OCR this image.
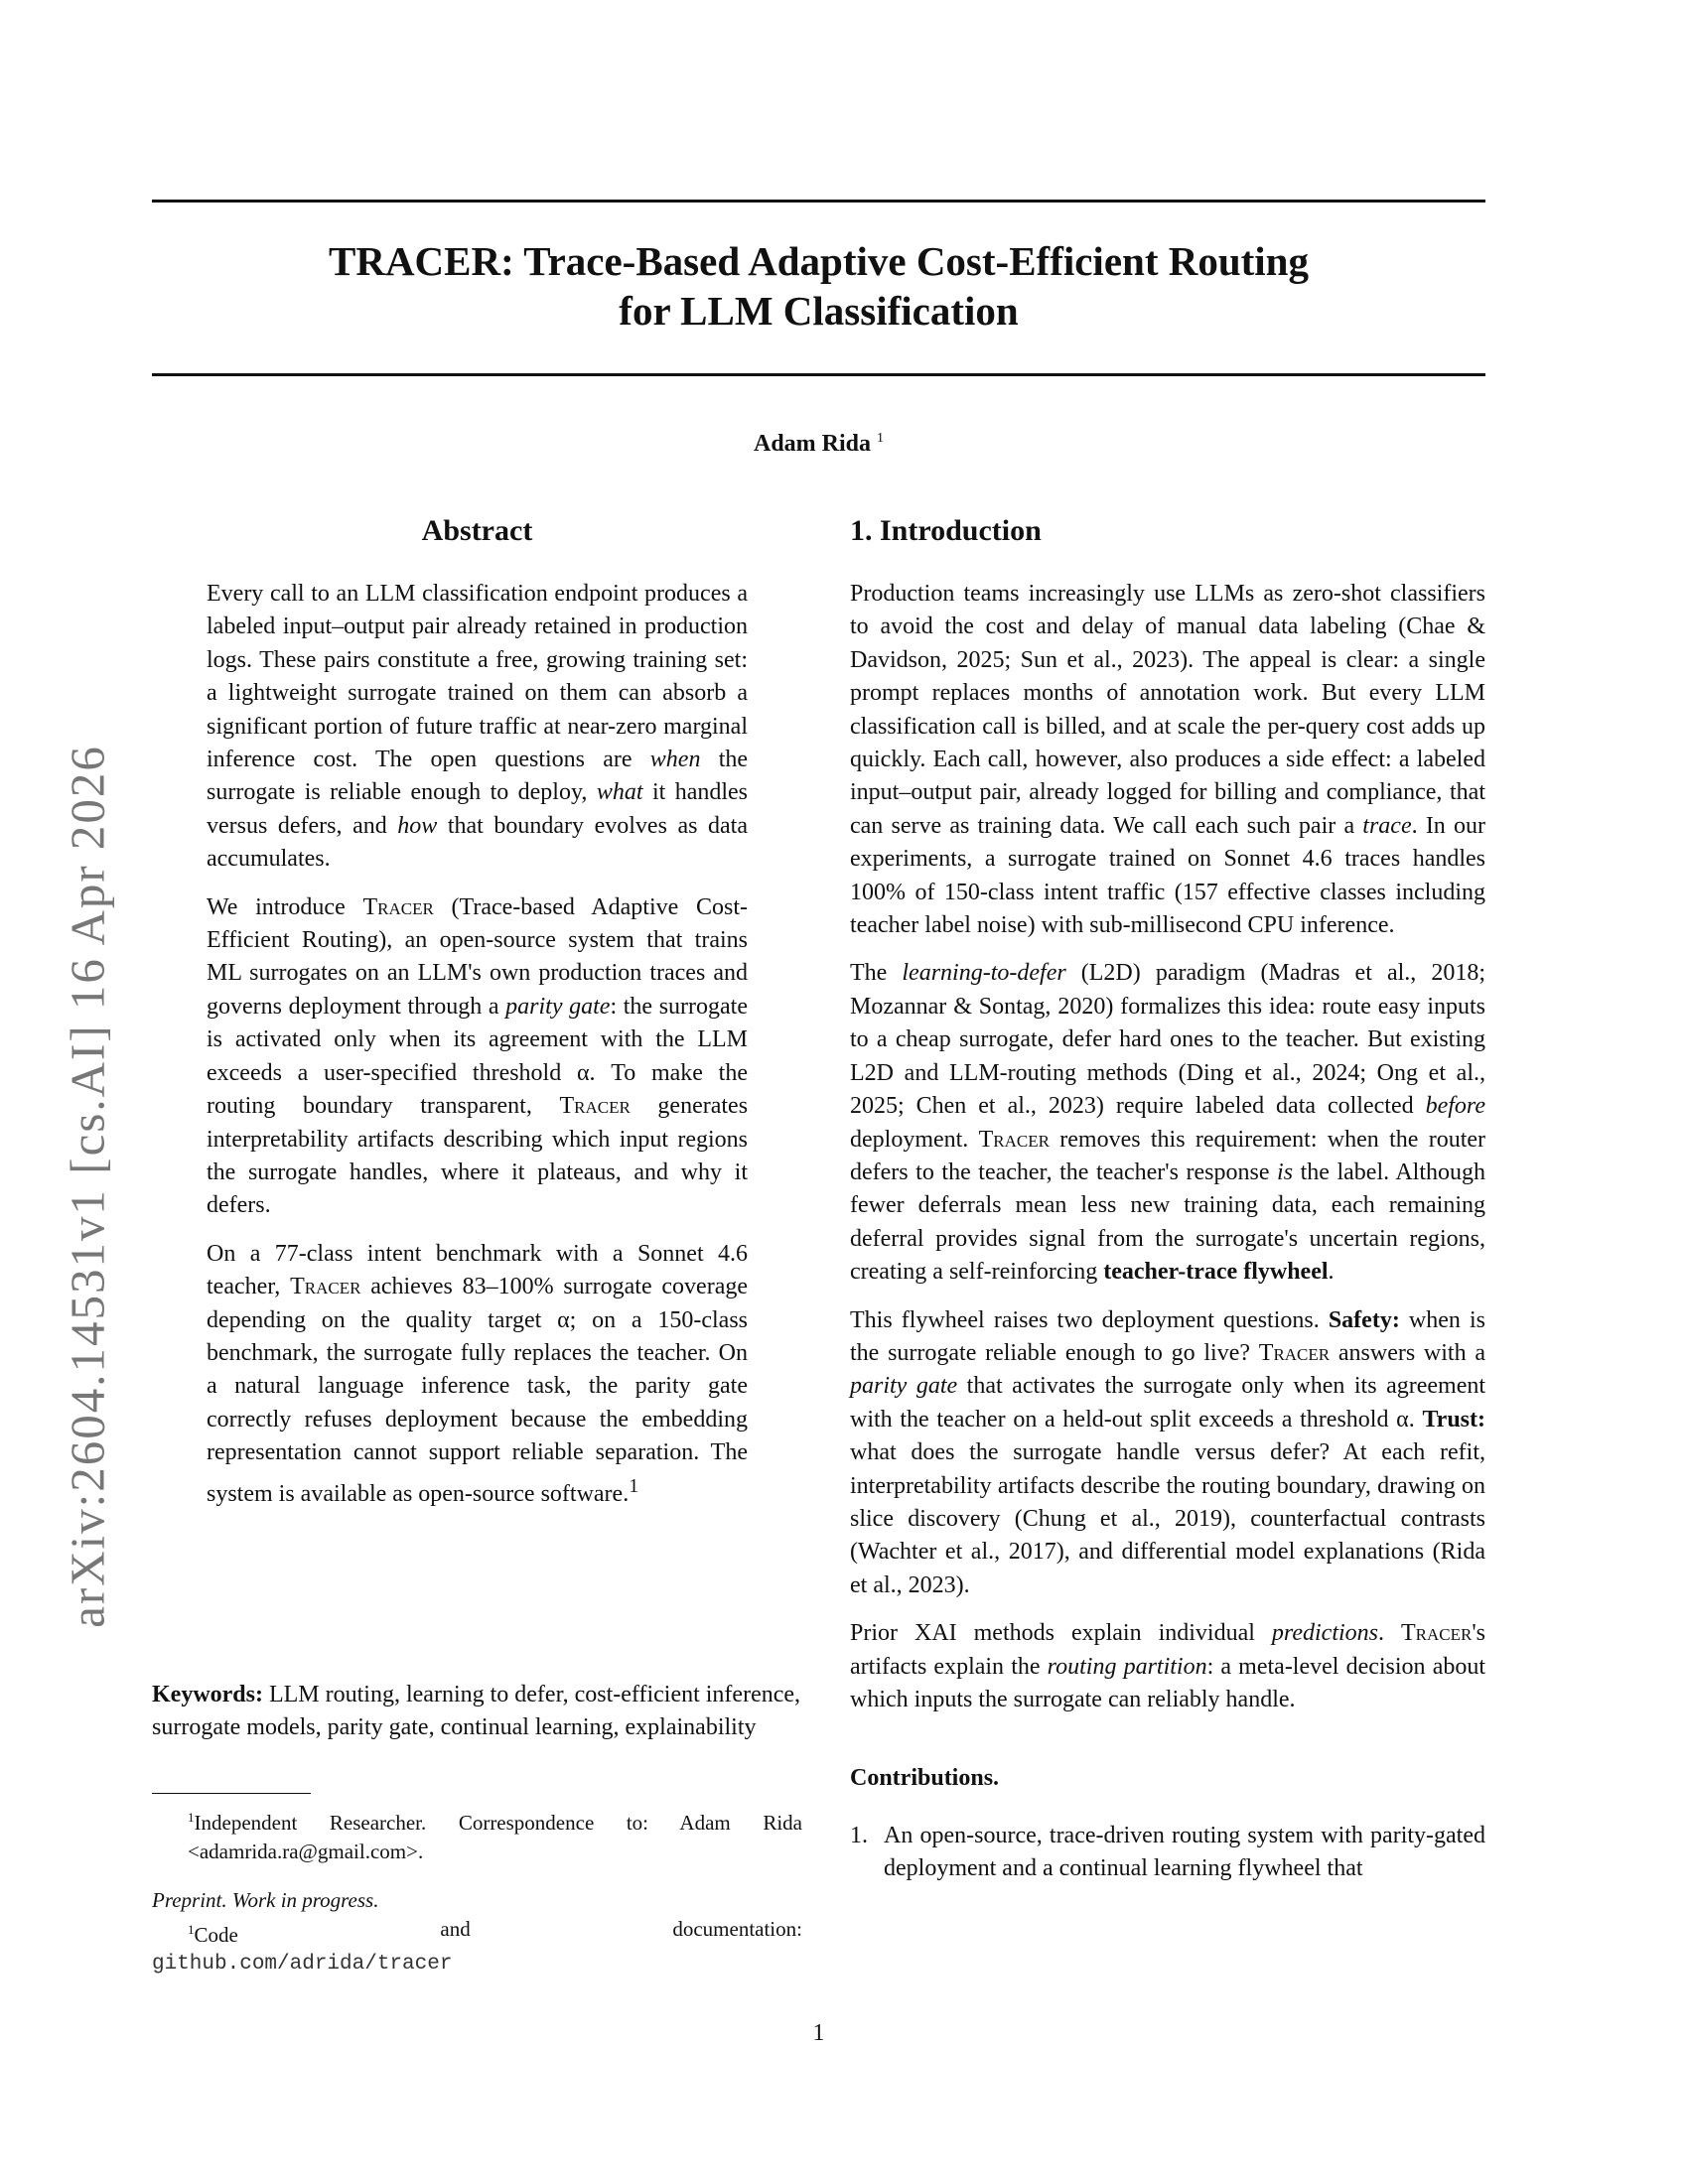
arXiv:2604.14531v1 [cs.AI] 16 Apr 2026
TRACER: Trace-Based Adaptive Cost-Efficient Routing
for LLM Classification
Adam Rida $^1$
Abstract

Every call to an LLM classification endpoint produces a labeled input–output pair already retained in production logs. These pairs constitute a free, growing training set: a lightweight surrogate trained on them can absorb a significant portion of future traffic at near-zero marginal inference cost. The open questions are when the surrogate is reliable enough to deploy, what it handles versus defers, and how that boundary evolves as data accumulates.

We introduce Tracer (Trace-based Adaptive Cost-Efficient Routing), an open-source system that trains ML surrogates on an LLM's own production traces and governs deployment through a parity gate: the surrogate is activated only when its agreement with the LLM exceeds a user-specified threshold α. To make the routing boundary transparent, Tracer generates interpretability artifacts describing which input regions the surrogate handles, where it plateaus, and why it defers.

On a 77-class intent benchmark with a Sonnet 4.6 teacher, Tracer achieves 83–100% surrogate coverage depending on the quality target α; on a 150-class benchmark, the surrogate fully replaces the teacher. On a natural language inference task, the parity gate correctly refuses deployment because the embedding representation cannot support reliable separation. The system is available as open-source software.$^1$

Keywords: LLM routing, learning to defer, cost-efficient inference, surrogate models, parity gate, continual learning, explainability

$^1$Independent Researcher. Correspondence to: Adam Rida <adamrida.ra@gmail.com>.

Preprint. Work in progress.

$^1$Code	and	documentation:

github.com/adrida/tracer

1. Introduction

Production teams increasingly use LLMs as zero-shot classifiers to avoid the cost and delay of manual data labeling (Chae & Davidson, 2025; Sun et al., 2023). The appeal is clear: a single prompt replaces months of annotation work. But every LLM classification call is billed, and at scale the per-query cost adds up quickly. Each call, however, also produces a side effect: a labeled input–output pair, already logged for billing and compliance, that can serve as training data. We call each such pair a trace. In our experiments, a surrogate trained on Sonnet 4.6 traces handles 100% of 150-class intent traffic (157 effective classes including teacher label noise) with sub-millisecond CPU inference.

The learning-to-defer (L2D) paradigm (Madras et al., 2018; Mozannar & Sontag, 2020) formalizes this idea: route easy inputs to a cheap surrogate, defer hard ones to the teacher. But existing L2D and LLM-routing methods (Ding et al., 2024; Ong et al., 2025; Chen et al., 2023) require labeled data collected before deployment. Tracer removes this requirement: when the router defers to the teacher, the teacher's response is the label. Although fewer deferrals mean less new training data, each remaining deferral provides signal from the surrogate's uncertain regions, creating a self-reinforcing teacher-trace flywheel.

This flywheel raises two deployment questions. Safety: when is the surrogate reliable enough to go live? Tracer answers with a parity gate that activates the surrogate only when its agreement with the teacher on a held-out split exceeds a threshold α. Trust: what does the surrogate handle versus defer? At each refit, interpretability artifacts describe the routing boundary, drawing on slice discovery (Chung et al., 2019), counterfactual contrasts (Wachter et al., 2017), and differential model explanations (Rida et al., 2023).

Prior XAI methods explain individual predictions. Tracer's artifacts explain the routing partition: a meta-level decision about which inputs the surrogate can reliably handle.

Contributions.

1. An open-source, trace-driven routing system with parity-gated deployment and a continual learning flywheel that
1
